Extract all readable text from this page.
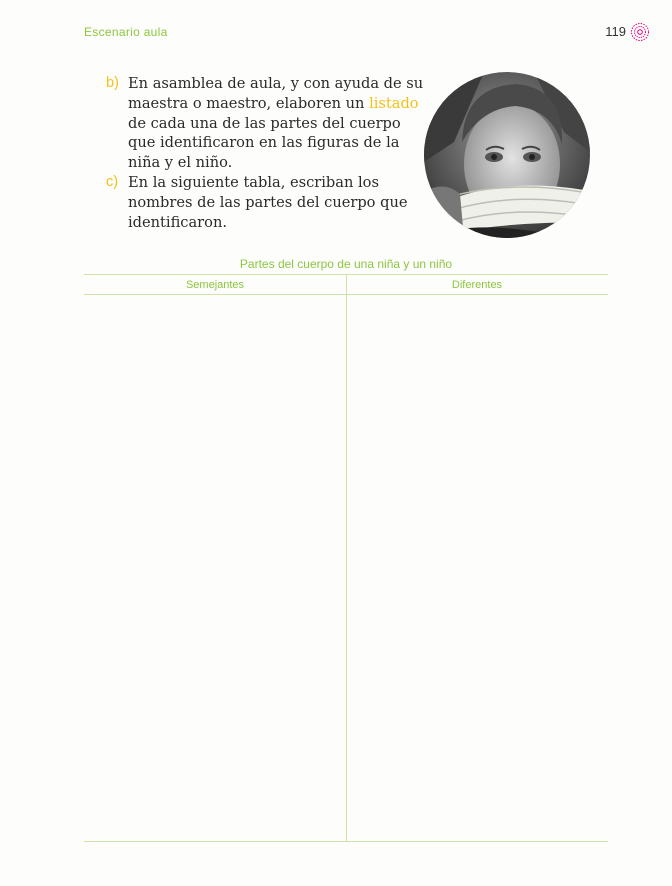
Escenario aula	119
b) En asamblea de aula, y con ayuda de su maestra o maestro, elaboren un listado de cada una de las partes del cuerpo que identificaron en las figuras de la niña y el niño.
c) En la siguiente tabla, escriban los nombres de las partes del cuerpo que identificaron.
Partes del cuerpo de una niña y un niño
Semejantes	Diferentes
